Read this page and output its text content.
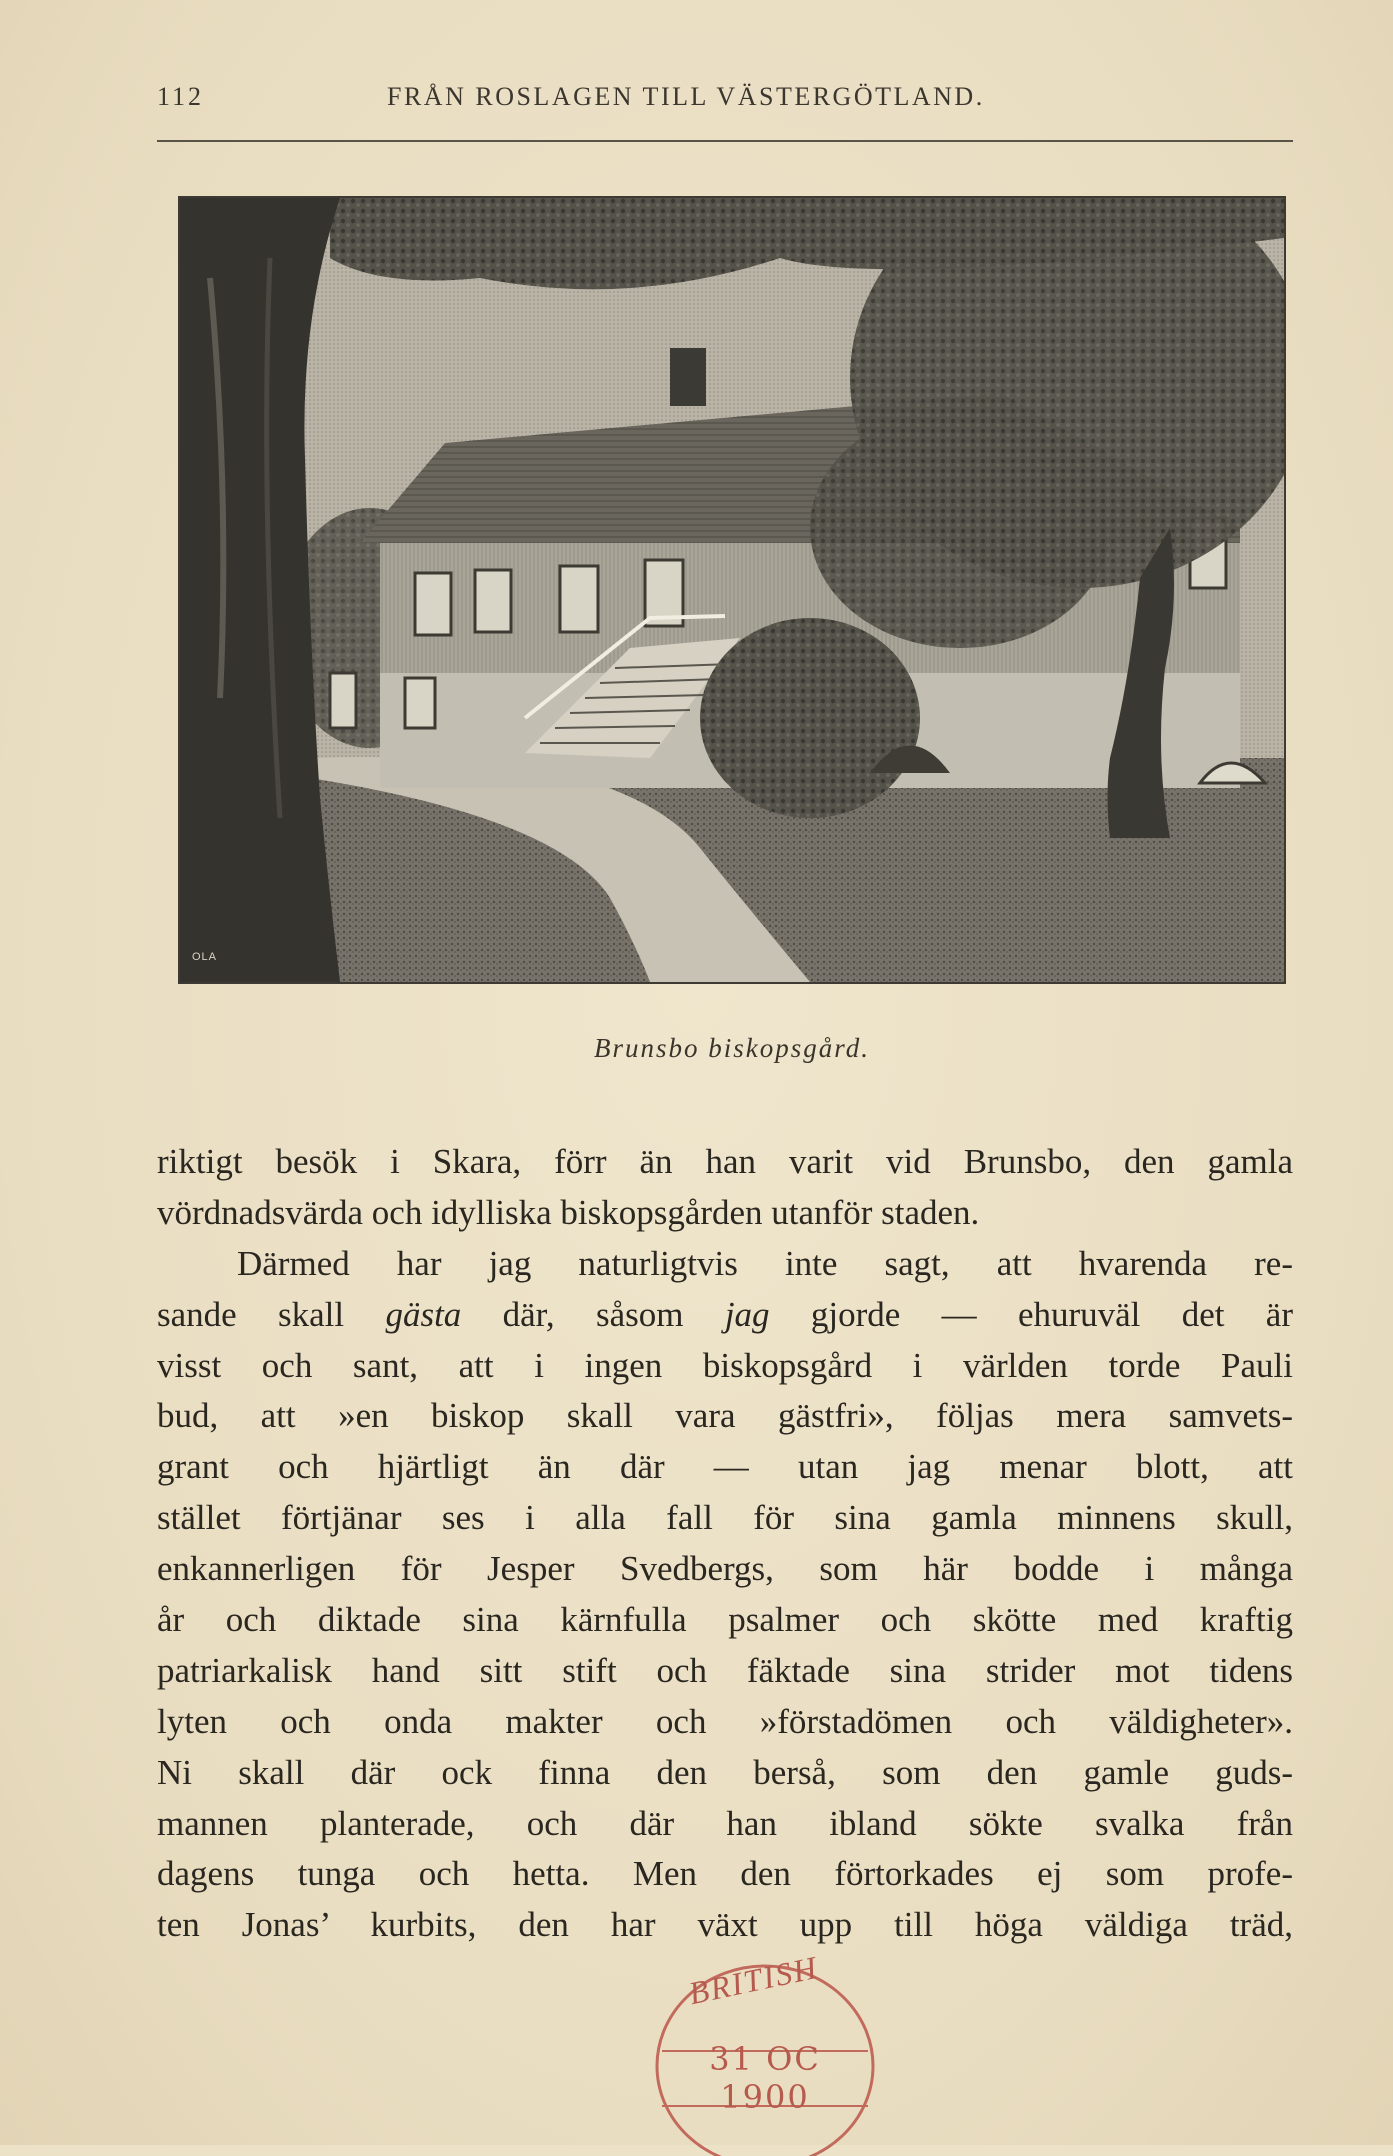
112	FRÅN ROSLAGEN TILL VÄSTERGÖTLAND.
OLA
Brunsbo biskopsgård.
riktigt besök i Skara, förr än han varit vid Brunsbo, den gamla
vördnadsvärda och idylliska biskopsgården utanför staden.
Därmed har jag naturligtvis inte sagt, att hvarenda re-
sande skall gästa där, såsom jag gjorde — ehuruväl det är
visst och sant, att i ingen biskopsgård i världen torde Pauli
bud, att »en biskop skall vara gästfri», följas mera samvets-
grant och hjärtligt än där — utan jag menar blott, att
stället förtjänar ses i alla fall för sina gamla minnens skull,
enkannerligen för Jesper Svedbergs, som här bodde i många
år och diktade sina kärnfulla psalmer och skötte med kraftig
patriarkalisk hand sitt stift och fäktade sina strider mot tidens
lyten och onda makter och »förstadömen och väldigheter».
Ni skall där ock finna den berså, som den gamle guds-
mannen planterade, och där han ibland sökte svalka från
dagens tunga och hetta. Men den förtorkades ej som profe-
ten Jonas’ kurbits, den har växt upp till höga väldiga träd,
BRITISH
31 OC 1900
